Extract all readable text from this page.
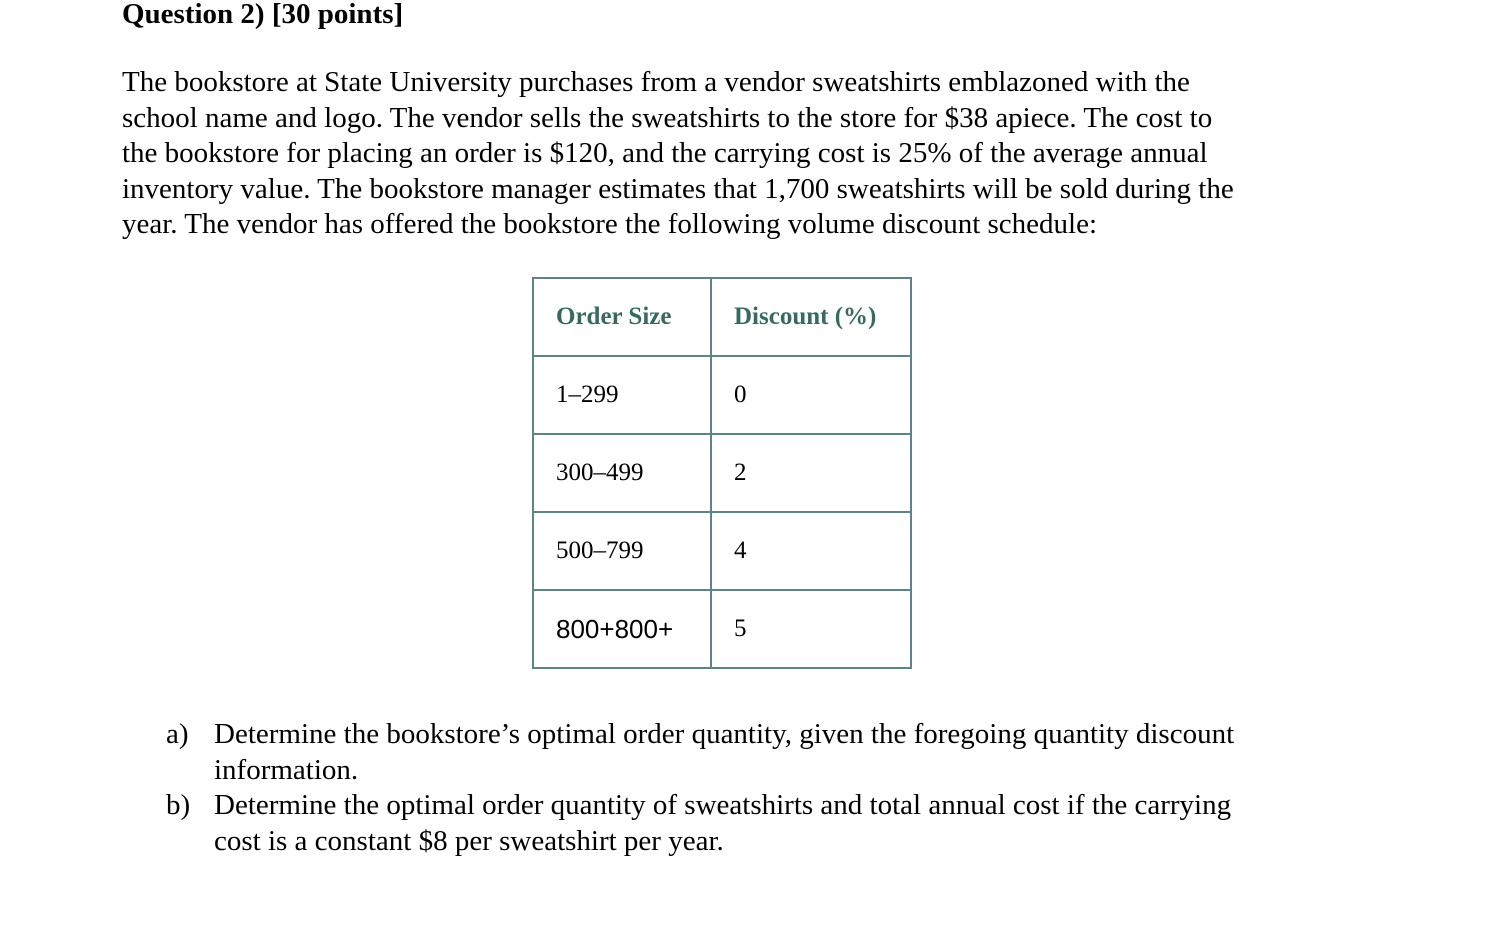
Question 2) [30 points]
The bookstore at State University purchases from a vendor sweatshirts emblazoned with the
school name and logo. The vendor sells the sweatshirts to the store for $38 apiece. The cost to
the bookstore for placing an order is $120, and the carrying cost is 25% of the average annual
inventory value. The bookstore manager estimates that 1,700 sweatshirts will be sold during the
year. The vendor has offered the bookstore the following volume discount schedule:
Order Size	Discount (%)
1–299	0
300–499	2
500–799	4
800+800+	5
a) Determine the bookstore’s optimal order quantity, given the foregoing quantity discount
information.
b) Determine the optimal order quantity of sweatshirts and total annual cost if the carrying
cost is a constant $8 per sweatshirt per year.
